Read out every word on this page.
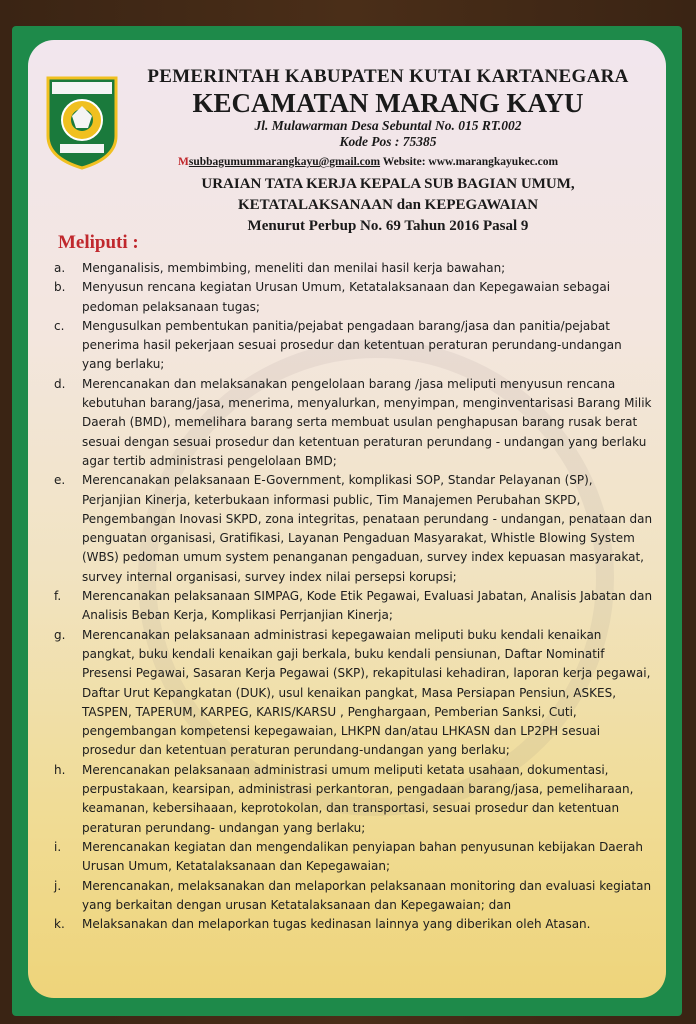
PEMERINTAH KABUPATEN KUTAI KARTANEGARA
KECAMATAN MARANG KAYU
Jl. Mulawarman Desa Sebuntal No. 015 RT.002
Kode Pos : 75385
Msubbagumummarangkayu@gmail.com Website: www.marangkayukec.com
URAIAN TATA KERJA KEPALA SUB BAGIAN UMUM,
KETATALAKSANAAN dan KEPEGAWAIAN
Menurut Perbup No. 69 Tahun 2016 Pasal 9
Meliputi :
a.	Menganalisis, membimbing, meneliti dan menilai hasil kerja bawahan;
b.	Menyusun rencana kegiatan Urusan Umum, Ketatalaksanaan dan Kepegawaian sebagai pedoman pelaksanaan tugas;
c.	Mengusulkan pembentukan panitia/pejabat pengadaan barang/jasa dan panitia/pejabat penerima hasil pekerjaan sesuai prosedur dan ketentuan peraturan perundang-undangan yang berlaku;
d.	Merencanakan dan melaksanakan pengelolaan barang /jasa meliputi menyusun rencana kebutuhan barang/jasa, menerima, menyalurkan, menyimpan, menginventarisasi Barang Milik Daerah (BMD), memelihara barang serta membuat usulan penghapusan barang rusak berat sesuai dengan sesuai prosedur dan ketentuan peraturan perundang - undangan yang berlaku agar tertib administrasi pengelolaan BMD;
e.	Merencanakan pelaksanaan E-Government, komplikasi SOP, Standar Pelayanan (SP), Perjanjian Kinerja, keterbukaan informasi public, Tim Manajemen Perubahan SKPD, Pengembangan Inovasi SKPD, zona integritas, penataan perundang - undangan, penataan dan penguatan organisasi, Gratifikasi, Layanan Pengaduan Masyarakat, Whistle Blowing System (WBS) pedoman umum system penanganan pengaduan, survey index kepuasan masyarakat, survey internal organisasi, survey index nilai persepsi korupsi;
f.	Merencanakan pelaksanaan SIMPAG, Kode Etik Pegawai, Evaluasi Jabatan, Analisis Jabatan dan Analisis Beban Kerja, Komplikasi Perrjanjian Kinerja;
g.	Merencanakan pelaksanaan administrasi kepegawaian meliputi buku kendali kenaikan pangkat, buku kendali kenaikan gaji berkala, buku kendali pensiunan, Daftar Nominatif Presensi Pegawai, Sasaran Kerja Pegawai (SKP), rekapitulasi kehadiran, laporan kerja pegawai, Daftar Urut Kepangkatan (DUK), usul kenaikan pangkat, Masa Persiapan Pensiun, ASKES, TASPEN, TAPERUM, KARPEG, KARIS/KARSU , Penghargaan, Pemberian Sanksi, Cuti, pengembangan kompetensi kepegawaian, LHKPN dan/atau LHKASN dan LP2PH sesuai prosedur dan ketentuan peraturan perundang-undangan yang berlaku;
h.	Merencanakan pelaksanaan administrasi umum meliputi ketata usahaan, dokumentasi, perpustakaan, kearsipan, administrasi perkantoran, pengadaan barang/jasa, pemeliharaan, keamanan, kebersihaaan, keprotokolan, dan transportasi, sesuai prosedur dan ketentuan peraturan perundang- undangan yang berlaku;
i.	Merencanakan kegiatan dan mengendalikan penyiapan bahan penyusunan kebijakan Daerah Urusan Umum, Ketatalaksanaan dan Kepegawaian;
j.	Merencanakan, melaksanakan dan melaporkan pelaksanaan monitoring dan evaluasi kegiatan yang berkaitan dengan urusan Ketatalaksanaan dan Kepegawaian; dan
k.	Melaksanakan dan melaporkan tugas kedinasan lainnya yang diberikan oleh Atasan.
